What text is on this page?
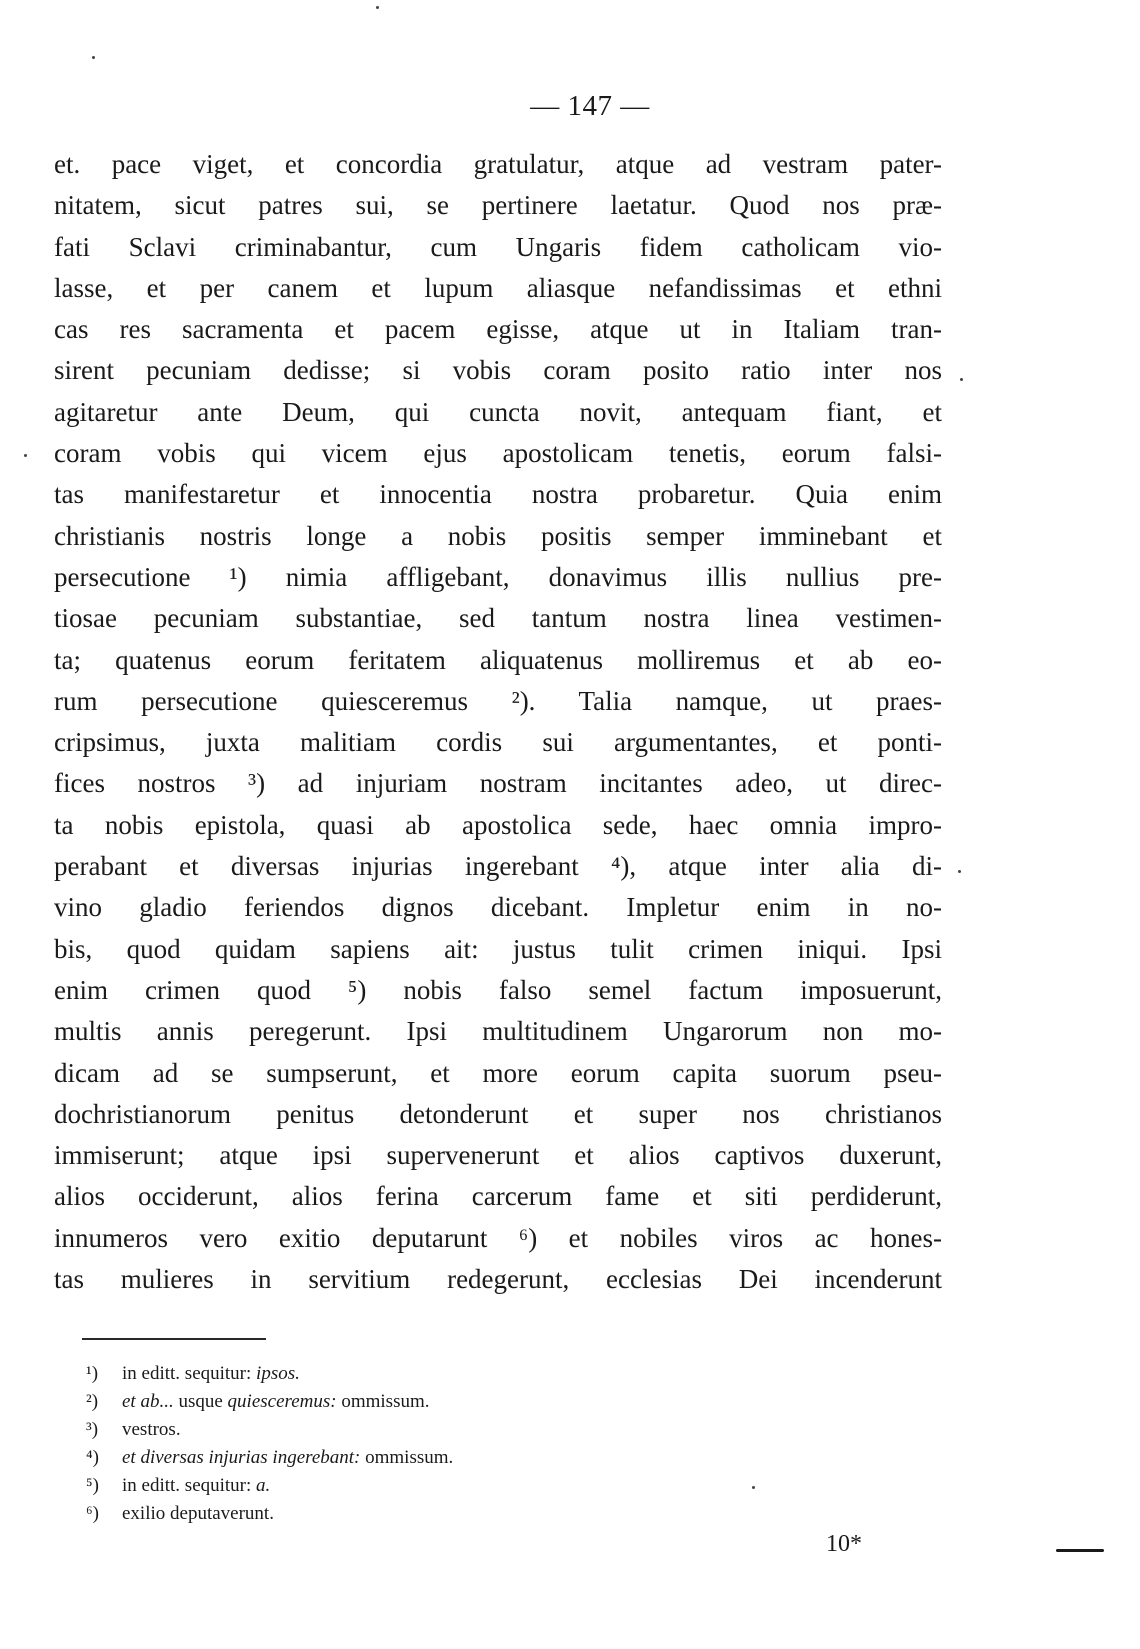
— 147 —
et. pace viget, et concordia gratulatur, atque ad vestram pater-
nitatem, sicut patres sui, se pertinere laetatur. Quod nos præ-
fati Sclavi criminabantur, cum Ungaris fidem catholicam vio-
lasse, et per canem et lupum aliasque nefandissimas et ethni
cas res sacramenta et pacem egisse, atque ut in Italiam tran-
sirent pecuniam dedisse; si vobis coram posito ratio inter nos
agitaretur ante Deum, qui cuncta novit, antequam fiant, et
coram vobis qui vicem ejus apostolicam tenetis, eorum falsi-
tas manifestaretur et innocentia nostra probaretur. Quia enim
christianis nostris longe a nobis positis semper imminebant et
persecutione ¹) nimia affligebant, donavimus illis nullius pre-
tiosae pecuniam substantiae, sed tantum nostra linea vestimen-
ta; quatenus eorum feritatem aliquatenus molliremus et ab eo-
rum persecutione quiesceremus ²). Talia namque, ut praes-
cripsimus, juxta malitiam cordis sui argumentantes, et ponti-
fices nostros ³) ad injuriam nostram incitantes adeo, ut direc-
ta nobis epistola, quasi ab apostolica sede, haec omnia impro-
perabant et diversas injurias ingerebant ⁴), atque inter alia di-
vino gladio feriendos dignos dicebant. Impletur enim in no-
bis, quod quidam sapiens ait: justus tulit crimen iniqui. Ipsi
enim crimen quod ⁵) nobis falso semel factum imposuerunt,
multis annis peregerunt. Ipsi multitudinem Ungarorum non mo-
dicam ad se sumpserunt, et more eorum capita suorum pseu-
dochristianorum penitus detonderunt et super nos christianos
immiserunt; atque ipsi supervenerunt et alios captivos duxerunt,
alios occiderunt, alios ferina carcerum fame et siti perdiderunt,
innumeros vero exitio deputarunt ⁶) et nobiles viros ac hones-
tas mulieres in servitium redegerunt, ecclesias Dei incenderunt
¹) in editt. sequitur: ipsos.
²) et ab... usque quiesceremus: ommissum.
³) vestros.
⁴) et diversas injurias ingerebant: ommissum.
⁵) in editt. sequitur: a.
⁶) exilio deputaverunt.
10*
